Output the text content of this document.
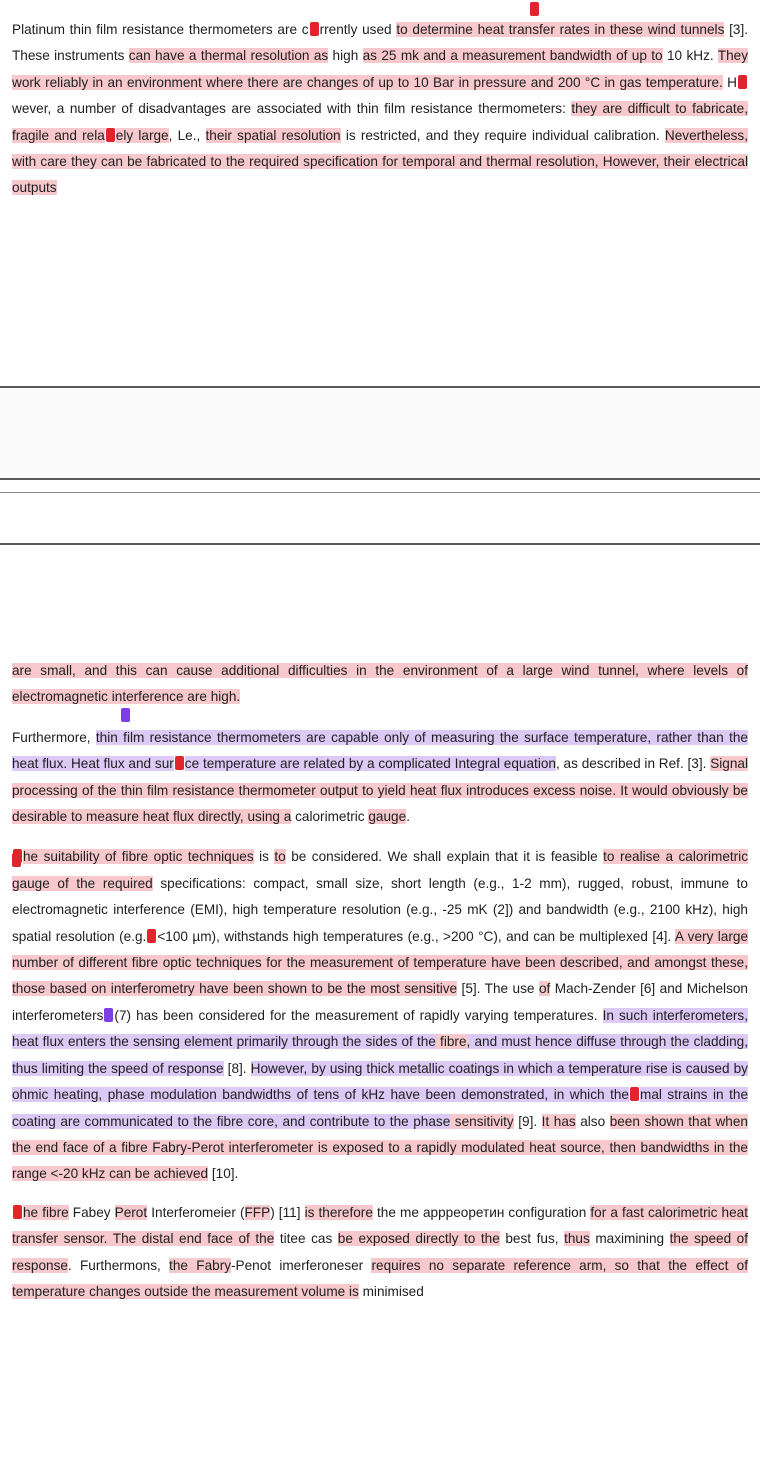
Platinum thin film resistance thermometers are c rrently used to determine heat transfer rates in these wind tunnels [3]. These instruments can have a thermal resolution as high as 25 mk and a measurement bandwidth of up to 10 kHz. They work reliably in an environment where there are changes of up to 10 Bar in pressure and 200 °C in gas temperature. Hwever, a number of disadvantages are associated with thin film resistance thermometers: they are difficult to fabricate, fragile and rela ely large, Le., their spatial resolution is restricted, and they require individual calibration. Nevertheless, with care they can be fabricated to the required specification for temporal and thermal resolution, However, their electrical outputs

are small, and this can cause additional difficulties in the environment of a large wind tunnel, where levels of electromagnetic interference are high.

Furthermore, thin film resistance thermometers are capable only of measuring the surface temperature, rather than the heat flux. Heat flux and sur ce temperature are related by a complicated Integral equation, as described in Ref. [3]. Signal processing of the thin film resistance thermometer output to yield heat flux introduces excess noise. It would obviously be desirable to measure heat flux directly, using a calorimetric gauge.

he suitability of fibre optic techniques is to be considered. We shall explain that it is feasible to realise a calorimetric gauge of the required specifications: compact, small size, short length (e.g., 1-2 mm), rugged, robust, immune to electromagnetic interference (EMI), high temperature resolution (e.g., -25 mK (2]) and bandwidth (e.g., 2100 kHz), high spatial resolution (e.g. <100 µm), withstands high temperatures (e.g., >200 °C), and can be multiplexed [4]. A very large number of different fibre optic techniques for the measurement of temperature have been described, and amongst these, those based on interferometry have been shown to be the most sensitive [5]. The use of Mach-Zender [6] and Michelson interferometers (7) has been considered for the measurement of rapidly varying temperatures. In such interferometers, heat flux enters the sensing element primarily through the sides of the fibre, and must hence diffuse through the cladding, thus limiting the speed of response [8]. However, by using thick metallic coatings in which a temperature rise is caused by ohmic heating, phase modulation bandwidths of tens of kHz have been demonstrated, in which the mal strains in the coating are communicated to the fibre core, and contribute to the phase sensitivity [9]. It has also been shown that when the end face of a fibre Fabry-Perot interferometer is exposed to a rapidly modulated heat source, then bandwidths in the range <-20 kHz can be achieved [10].

he fibre Fabey Perot Interferomeier (FFP) [11] is therefore the me аррреоретин configuration for a fast calorimetric heat transfer sensor. The distal end face of the titee cas be exposed directly to the best fus, thus maximining the speed of response. Furthermons, the Fabry-Penot imerferoneser requires no separate reference arm, so that the effect of temperature changes outside the measurement volume is minimised
